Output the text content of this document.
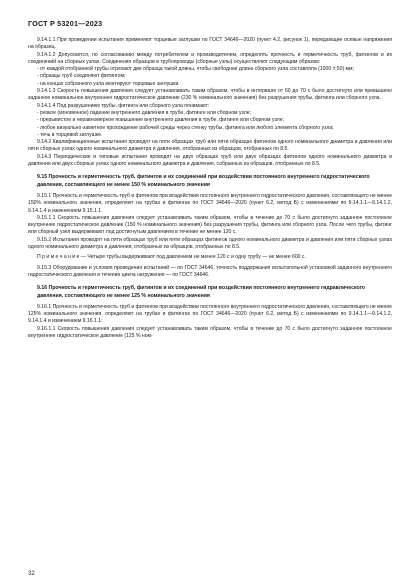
ГОСТ Р 53201—2023

9.14.1.1 При проведении испытания применяют торцевые заглушки по ГОСТ 34646—2020 (пункт 4.2, рисунок 1), передающие осевые напряжения на образец.

9.14.1.2 Допускается, по согласованию между потребителем и производителем, определять прочность и герметичность труб, фитингов и их соединений на сборных узлах. Соединения образцов в трубопроводы (сборные узлы) осуществляют следующим образом:

- от каждой отобранной трубы отрезают две образца такой длины, чтобы свободная длина сборного узла составляла (1000 ± 50) мм;

- образцы труб соединяют фитингом;

- на концах собранного узла монтируют торцевые заглушки.

9.14.1.3 Скорость повышения давления следует устанавливать таким образом, чтобы в интервале от 60 до 70 с было достигнуто или превышено заданное номинальное внутреннее гидростатическое давление (230 % номинального значения) без разрушения трубы, фитинга или сборного узла.

9.14.1.4 Под разрушением трубы, фитинга или сборного узла понимают:

- резкое (мгновенное) падение внутреннего давления в трубе, фитинге или сборном узле;

- прерывистое и неравномерное повышение внутреннего давления в трубе, фитинге или сборном узле;

- любое визуально-заметное прохождение рабочей среды через стенку трубы, фитинга или любого элемента сборного узла;

- течь в торцевой заглушке.

9.14.2 Квалификационные испытания проводят на пяти образцах труб или пяти образцах фитингов одного номинального диаметра и давления или пяти сборных узлах одного номинального диаметра и давления, отобранных из образцов, отобранных по 8.5.

9.14.3 Периодические и типовые испытания проводят на двух образцах труб или двух образцах фитингов одного номинального диаметра и давления или двух сборных узлах одного номинального диаметра и давления, собранных из образцов, отобранных по 8.5.

9.15 Прочность и герметичность труб, фитингов и их соединений при воздействии постоянного внутреннего гидростатического давления, составляющего не менее 150 % номинального значения

9.15.1 Прочность и герметичность труб и фитингов при воздействии постоянного внутреннего гидростатического давления, составляющего не менее 150% номинального значения, определяют на трубах и фитингах по ГОСТ 34646—2020 (пункт 6.2, метод Б) с изменениями по 9.14.1.1—9.14.1.2, 9.14.1.4 и изменением 9.15.1.1

9.15.1.1 Скорость повышения давления следует устанавливать таким образом, чтобы в течение до 70 с было достигнуто заданное постоянное внутреннее гидростатическое давление (150 % номинального значения) без разрушения трубы, фитинга или сборного узла. После чего трубы, фитинг или сборный узел выдерживают под достигнутым давлением в течение не менее 120 с.

9.15.2 Испытания проводят на пяти образцах труб или пяти образцах фитингов одного номинального диаметра и давления или пяти сборных узлах одного номинального диаметра и давления, отобранных из образцов, отобранных по 8.5.

П р и м е ч а н и е — Четыре трубы выдерживают под давлением не менее 120 с и одну трубу — не менее 600 с.

9.15.3 Оборудование и условия проведения испытаний — по ГОСТ 34646, точность поддержания испытательной установкой заданного внутреннего гидростатического давления в течение цикла нагружения — по ГОСТ 34646.

9.16 Прочность и герметичность труб, фитингов и их соединений при воздействии постоянного внутреннего гидравлического давления, составляющего не менее 125 % номинального значения

9.16.1 Прочность и герметичность труб и фитингов при воздействии постоянного внутреннего гидростатического давления, составляющего не менее 125% номинального значения, определяют на трубах и фитингах по ГОСТ 34646—2020 (пункт 6.2, метод Б) с изменениями по 9.14.1.1—9.14.1.2, 9.14.1.4 и изменением 9.16.1.1:

9.16.1.1 Скорость повышения давления следует устанавливать таким образом, чтобы в течение до 70 с было достигнуто заданное постоянное внутреннее гидростатическое давление (125 % ном-

32
